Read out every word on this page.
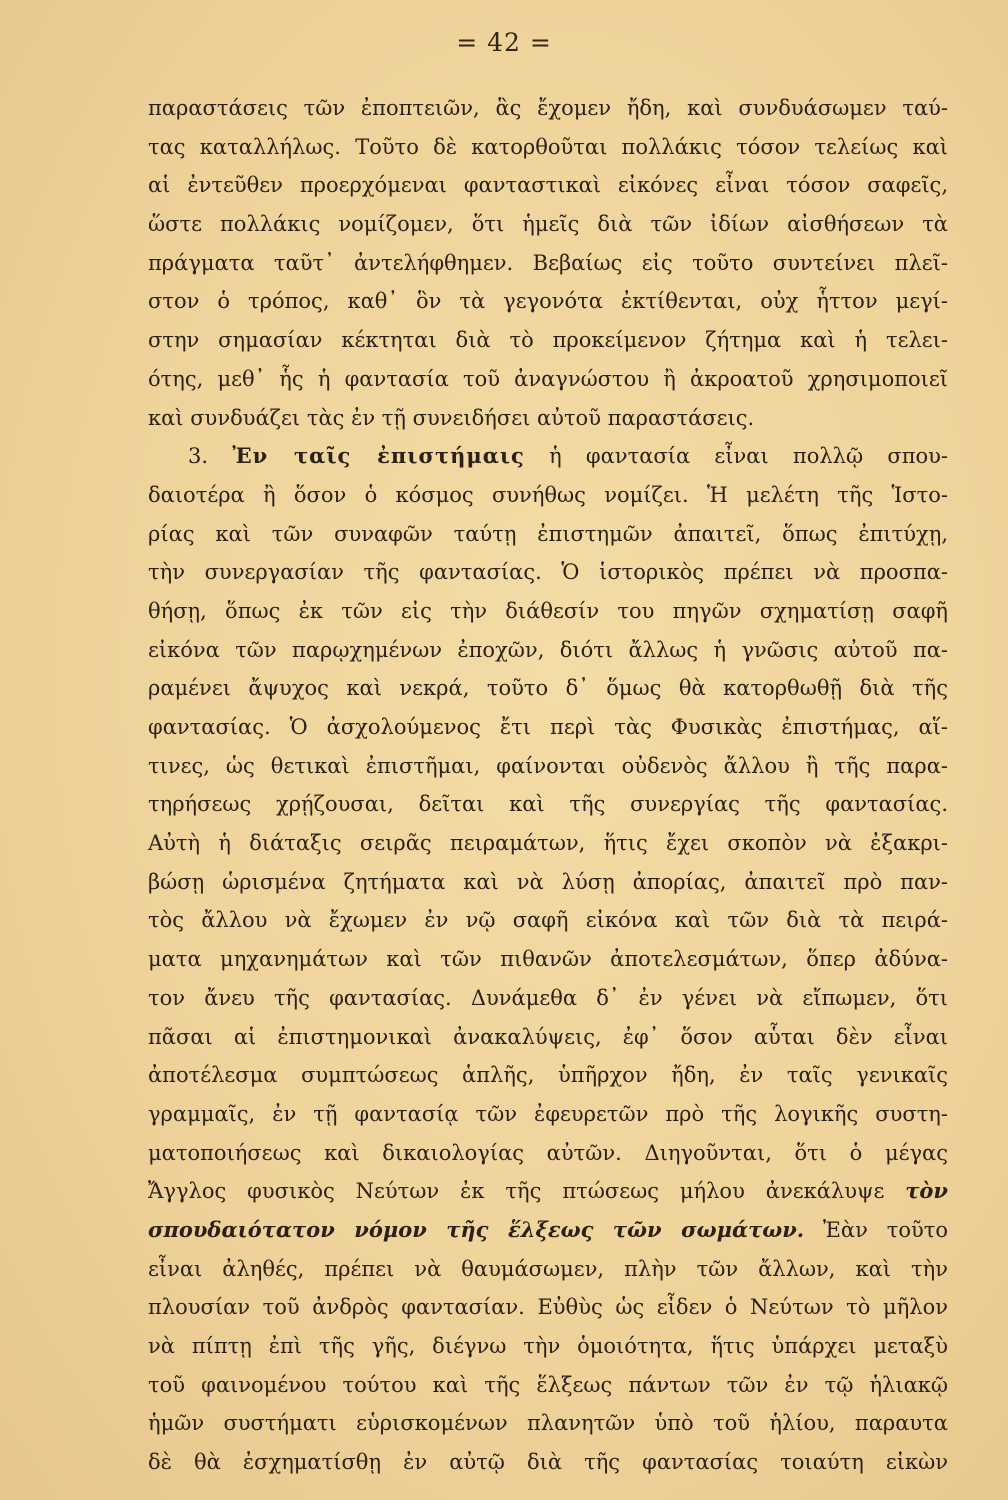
= 42 =
παραστάσεις τῶν ἐποπτειῶν, ἃς ἔχομεν ἤδη, καὶ συνδυάσωμεν ταύ-
τας καταλλήλως. Τοῦτο δὲ κατορθοῦται πολλάκις τόσον τελείως καὶ
αἱ ἐντεῦθεν προερχόμεναι φανταστικαὶ εἰκόνες εἶναι τόσον σαφεῖς,
ὥστε πολλάκις νομίζομεν, ὅτι ἡμεῖς διὰ τῶν ἰδίων αἰσθήσεων τὰ
πράγματα ταῦτ᾽ ἀντελήφθημεν. Βεβαίως εἰς τοῦτο συντείνει πλεῖ-
στον ὁ τρόπος, καθ᾽ ὃν τὰ γεγονότα ἐκτίθενται, οὐχ ἧττον μεγί-
στην σημασίαν κέκτηται διὰ τὸ προκείμενον ζήτημα καὶ ἡ τελει-
ότης, μεθ᾽ ἧς ἡ φαντασία τοῦ ἀναγνώστου ἢ ἀκροατοῦ χρησιμοποιεῖ
καὶ συνδυάζει τὰς ἐν τῇ συνειδήσει αὐτοῦ παραστάσεις.
3. Ἐν ταῖς ἐπιστήμαις ἡ φαντασία εἶναι πολλῷ σπου-
δαιοτέρα ἢ ὅσον ὁ κόσμος συνήθως νομίζει. Ἡ μελέτη τῆς Ἱστο-
ρίας καὶ τῶν συναφῶν ταύτῃ ἐπιστημῶν ἀπαιτεῖ, ὅπως ἐπιτύχῃ,
τὴν συνεργασίαν τῆς φαντασίας. Ὁ ἱστορικὸς πρέπει νὰ προσπα-
θήσῃ, ὅπως ἐκ τῶν εἰς τὴν διάθεσίν του πηγῶν σχηματίσῃ σαφῆ
εἰκόνα τῶν παρῳχημένων ἐποχῶν, διότι ἄλλως ἡ γνῶσις αὐτοῦ πα-
ραμένει ἄψυχος καὶ νεκρά, τοῦτο δ᾽ ὅμως θὰ κατορθωθῇ διὰ τῆς
φαντασίας. Ὁ ἀσχολούμενος ἔτι περὶ τὰς Φυσικὰς ἐπιστήμας, αἵ-
τινες, ὡς θετικαὶ ἐπιστῆμαι, φαίνονται οὐδενὸς ἄλλου ἢ τῆς παρα-
τηρήσεως χρῄζουσαι, δεῖται καὶ τῆς συνεργίας τῆς φαντασίας.
Αὐτὴ ἡ διάταξις σειρᾶς πειραμάτων, ἥτις ἔχει σκοπὸν νὰ ἐξακρι-
βώσῃ ὡρισμένα ζητήματα καὶ νὰ λύσῃ ἀπορίας, ἀπαιτεῖ πρὸ παν-
τὸς ἄλλου νὰ ἔχωμεν ἐν νῷ σαφῆ εἰκόνα καὶ τῶν διὰ τὰ πειρά-
ματα μηχανημάτων καὶ τῶν πιθανῶν ἀποτελεσμάτων, ὅπερ ἀδύνα-
τον ἄνευ τῆς φαντασίας. Δυνάμεθα δ᾽ ἐν γένει νὰ εἴπωμεν, ὅτι
πᾶσαι αἱ ἐπιστημονικαὶ ἀνακαλύψεις, ἐφ᾽ ὅσον αὗται δὲν εἶναι
ἀποτέλεσμα συμπτώσεως ἁπλῆς, ὑπῆρχον ἤδη, ἐν ταῖς γενικαῖς
γραμμαῖς, ἐν τῇ φαντασίᾳ τῶν ἐφευρετῶν πρὸ τῆς λογικῆς συστη-
ματοποιήσεως καὶ δικαιολογίας αὐτῶν. Διηγοῦνται, ὅτι ὁ μέγας
Ἄγγλος φυσικὸς Νεύτων ἐκ τῆς πτώσεως μήλου ἀνεκάλυψε τὸν
σπουδαιότατον νόμον τῆς ἕλξεως τῶν σωμάτων. Ἐὰν τοῦτο
εἶναι ἀληθές, πρέπει νὰ θαυμάσωμεν, πλὴν τῶν ἄλλων, καὶ τὴν
πλουσίαν τοῦ ἀνδρὸς φαντασίαν. Εὐθὺς ὡς εἶδεν ὁ Νεύτων τὸ μῆλον
νὰ πίπτῃ ἐπὶ τῆς γῆς, διέγνω τὴν ὁμοιότητα, ἥτις ὑπάρχει μεταξὺ
τοῦ φαινομένου τούτου καὶ τῆς ἕλξεως πάντων τῶν ἐν τῷ ἡλιακῷ
ἡμῶν συστήματι εὑρισκομένων πλανητῶν ὑπὸ τοῦ ἡλίου, παραυτα
δὲ θὰ ἐσχηματίσθῃ ἐν αὐτῷ διὰ τῆς φαντασίας τοιαύτη εἰκὼν
